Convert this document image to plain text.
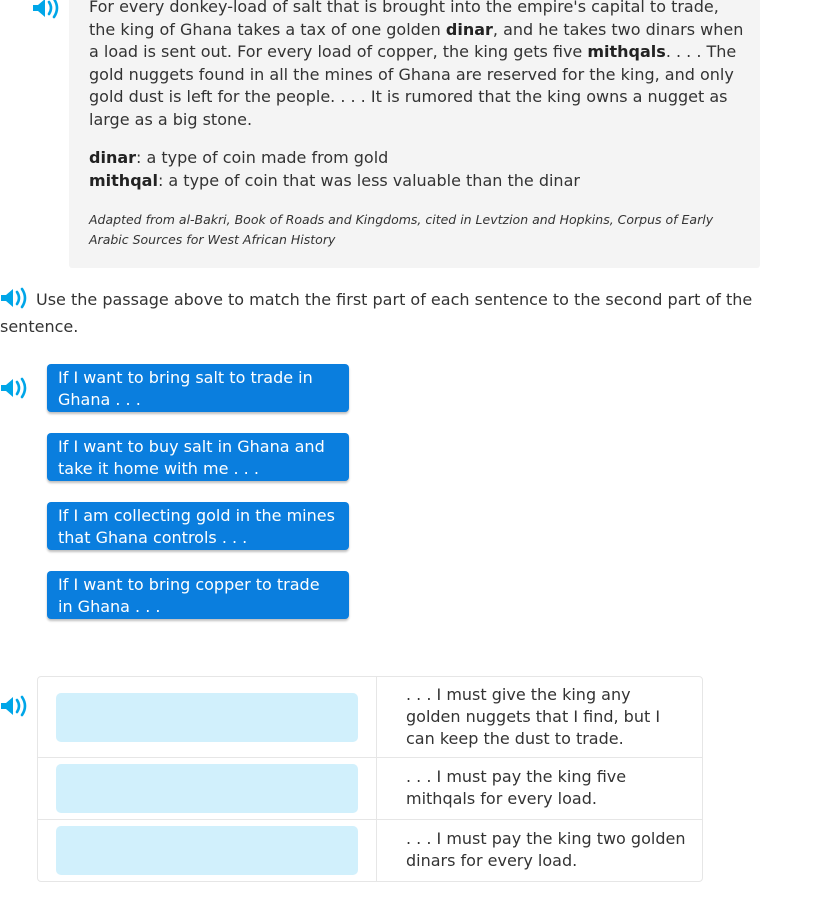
For every donkey-load of salt that is brought into the empire's capital to trade, the king of Ghana takes a tax of one golden dinar, and he takes two dinars when a load is sent out. For every load of copper, the king gets five mithqals. . . . The gold nuggets found in all the mines of Ghana are reserved for the king, and only gold dust is left for the people. . . . It is rumored that the king owns a nugget as large as a big stone.
dinar: a type of coin made from gold
mithqal: a type of coin that was less valuable than the dinar
Adapted from al-Bakri, Book of Roads and Kingdoms, cited in Levtzion and Hopkins, Corpus of Early Arabic Sources for West African History
Use the passage above to match the first part of each sentence to the second part of the sentence.
If I want to bring salt to trade in Ghana . . .
If I want to buy salt in Ghana and take it home with me . . .
If I am collecting gold in the mines that Ghana controls . . .
If I want to bring copper to trade in Ghana . . .
. . . I must give the king any golden nuggets that I find, but I can keep the dust to trade.
. . . I must pay the king five mithqals for every load.
. . . I must pay the king two golden dinars for every load.
